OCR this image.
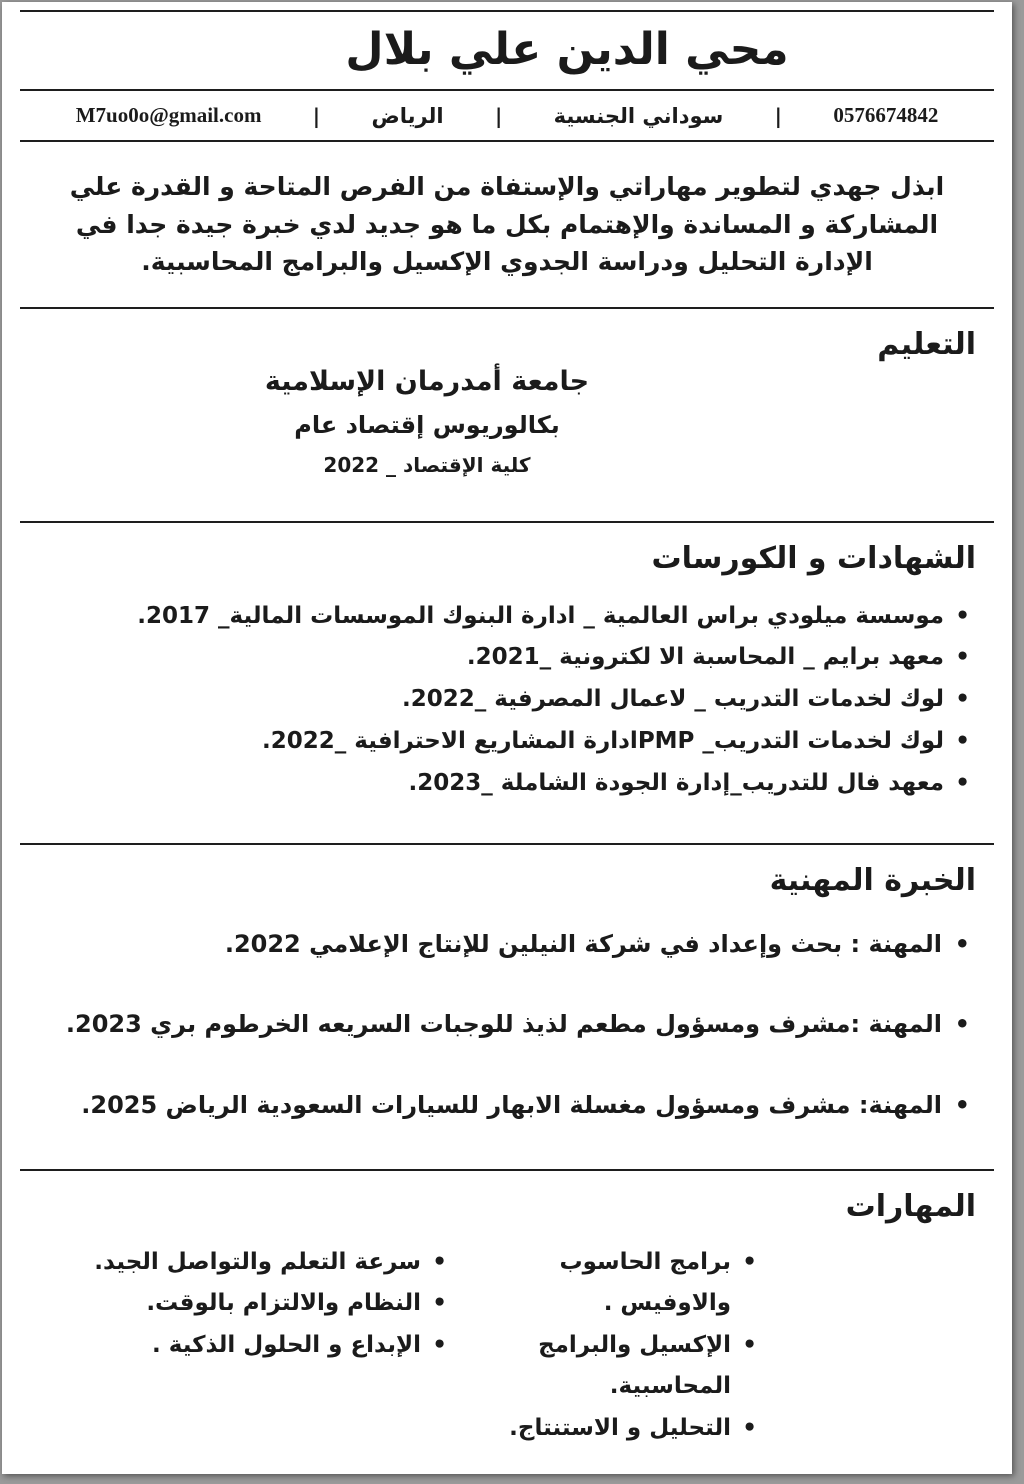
محي الدين علي بلال
0576674842
|
سوداني الجنسية
|
الرياض
|
M7uo0o@gmail.com

ابذل جهدي لتطوير مهاراتي والإستفاة من الفرص المتاحة و القدرة علي المشاركة و المساندة والإهتمام بكل ما هو جديد لدي خبرة جيدة جدا في الإدارة التحليل ودراسة الجدوي الإكسيل والبرامج المحاسبية.

التعليم
جامعة أمدرمان الإسلامية
بكالوريوس إقتصاد عام
كلية الإقتصاد _ 2022
الشهادات و الكورسات
• موسسة ميلودي براس العالمية _ ادارة البنوك الموسسات المالية_ 2017.
• معهد برايم _ المحاسبة الا لكترونية _2021.
• لوك لخدمات التدريب _ لاعمال المصرفية _2022.
• لوك لخدمات التدريب_ PMPادارة المشاريع الاحترافية _2022.
• معهد فال للتدريب_إدارة الجودة الشاملة _2023.
الخبرة المهنية
• المهنة : بحث وإعداد في شركة النيلين للإنتاج الإعلامي 2022.
• المهنة :مشرف ومسؤول مطعم لذيذ للوجبات السريعه الخرطوم بري 2023.
• المهنة: مشرف ومسؤول مغسلة الابهار للسيارات السعودية الرياض 2025.
المهارات
• برامج الحاسوب والاوفيس .
• الإكسيل والبرامج المحاسبية.
• التحليل و الاستنتاج.
• سرعة التعلم والتواصل الجيد.
• النظام والالتزام بالوقت.
• الإبداع و الحلول الذكية .
